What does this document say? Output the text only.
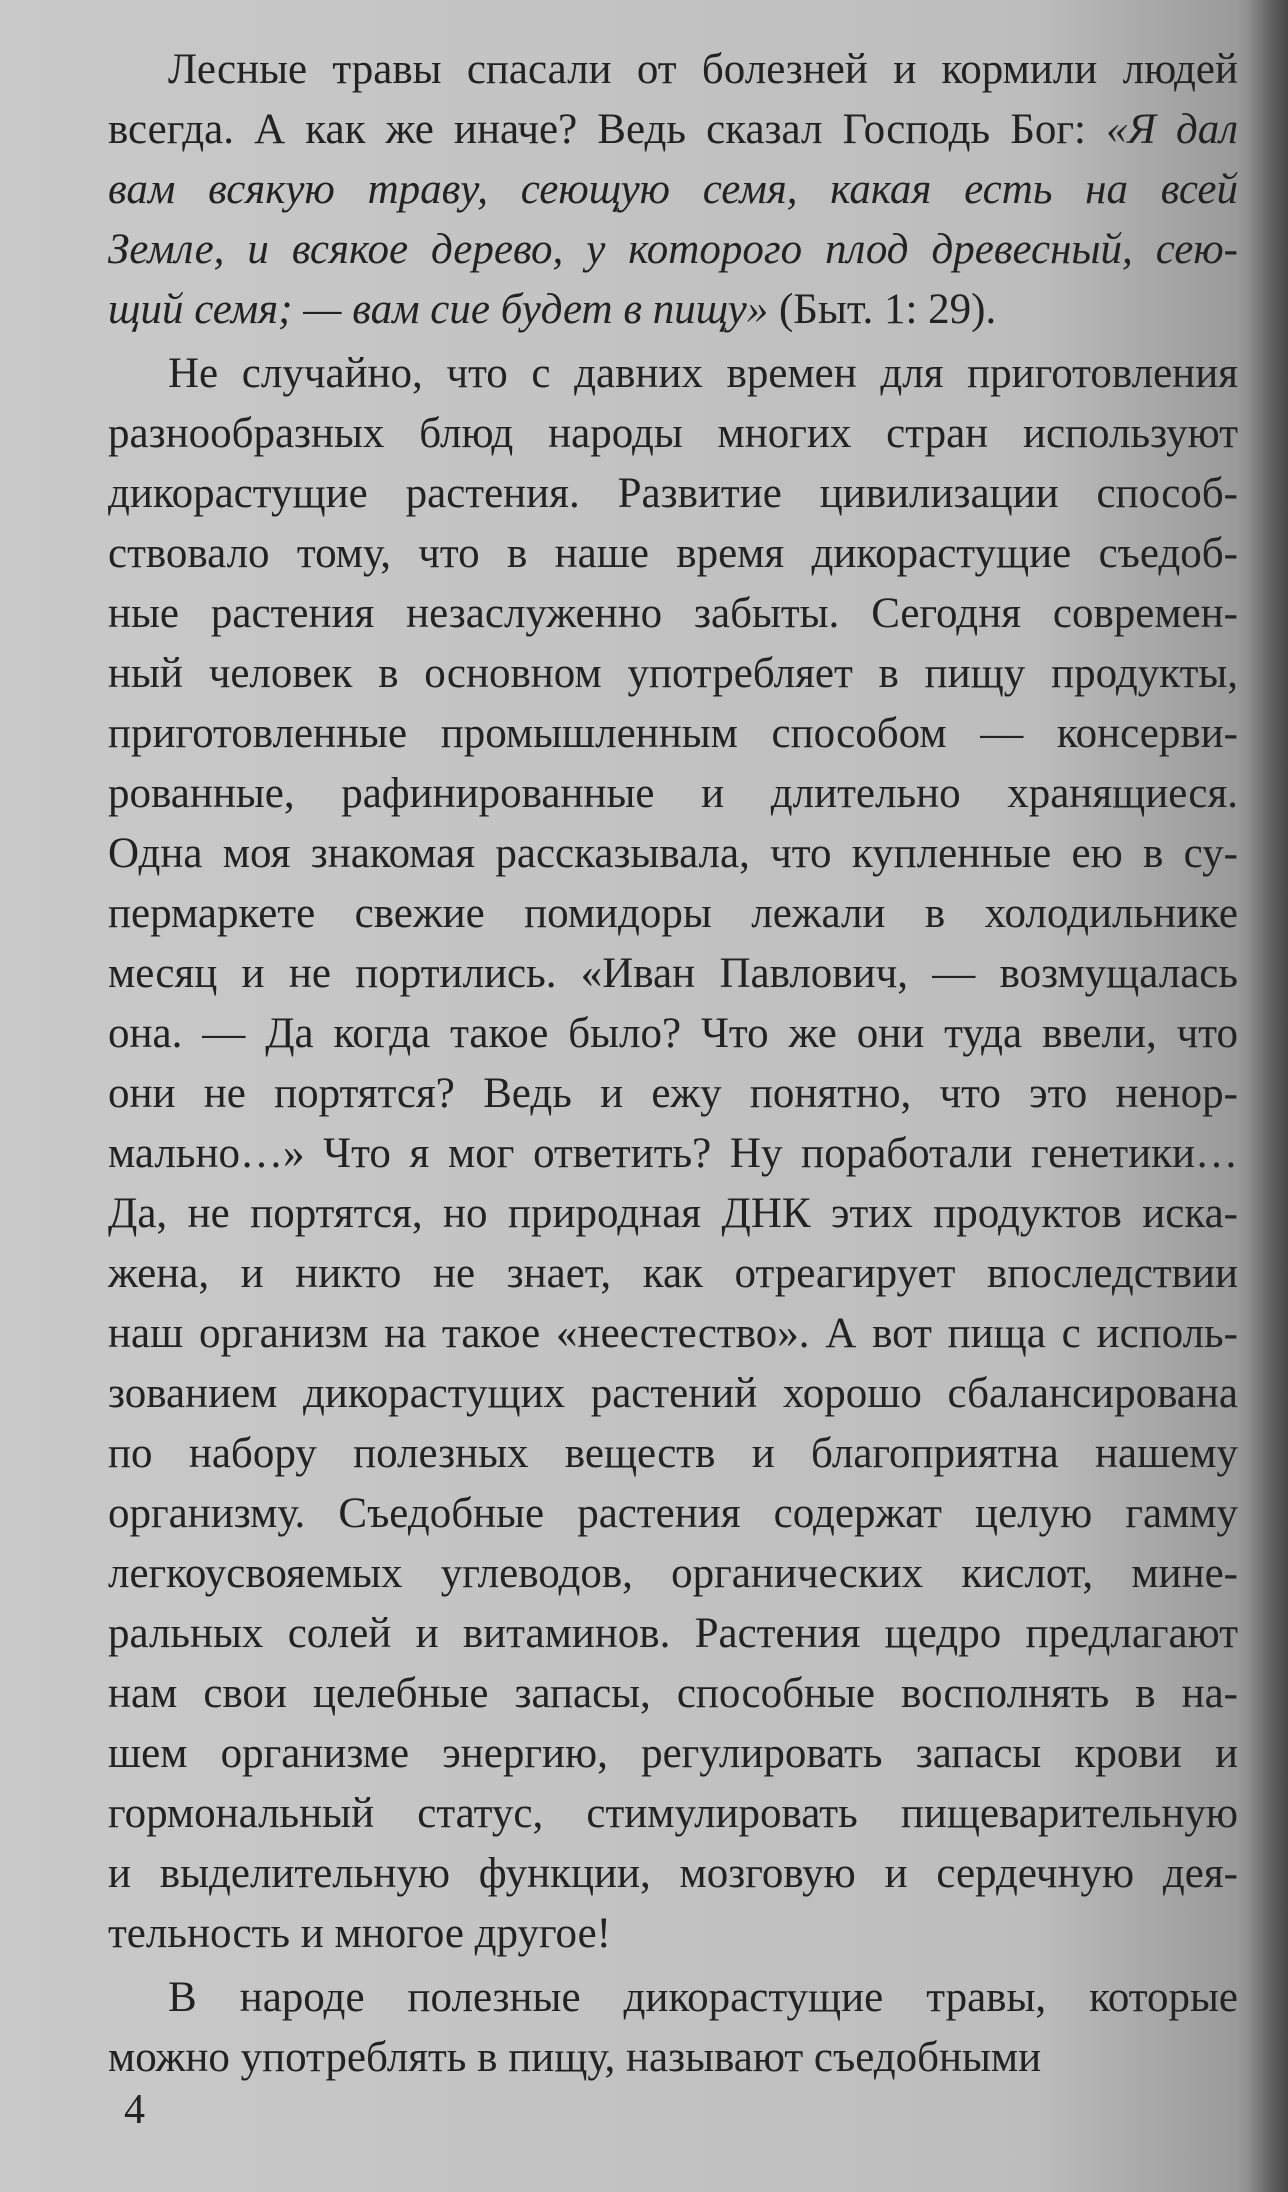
Лесные травы спасали от болезней и кормили людей
всегда. А как же иначе? Ведь сказал Господь Бог: «Я дал
вам всякую траву, сеющую семя, какая есть на всей
Земле, и всякое дерево, у которого плод древесный, сею-
щий семя; — вам сие будет в пищу» (Быт. 1: 29).

Не случайно, что с давних времен для приготовления
разнообразных блюд народы многих стран используют
дикорастущие растения. Развитие цивилизации способ-
ствовало тому, что в наше время дикорастущие съедоб-
ные растения незаслуженно забыты. Сегодня современ-
ный человек в основном употребляет в пищу продукты,
приготовленные промышленным способом — консерви-
рованные, рафинированные и длительно хранящиеся.
Одна моя знакомая рассказывала, что купленные ею в су-
пермаркете свежие помидоры лежали в холодильнике
месяц и не портились. «Иван Павлович, — возмущалась
она. — Да когда такое было? Что же они туда ввели, что
они не портятся? Ведь и ежу понятно, что это ненор-
мально…» Что я мог ответить? Ну поработали генетики…
Да, не портятся, но природная ДНК этих продуктов иска-
жена, и никто не знает, как отреагирует впоследствии
наш организм на такое «неестество». А вот пища с исполь-
зованием дикорастущих растений хорошо сбалансирована
по набору полезных веществ и благоприятна нашему
организму. Съедобные растения содержат целую гамму
легкоусвояемых углеводов, органических кислот, мине-
ральных солей и витаминов. Растения щедро предлагают
нам свои целебные запасы, способные восполнять в на-
шем организме энергию, регулировать запасы крови и
гормональный статус, стимулировать пищеварительную
и выделительную функции, мозговую и сердечную дея-
тельность и многое другое!

В народе полезные дикорастущие травы, которые
можно употреблять в пищу, называют съедобными

4
